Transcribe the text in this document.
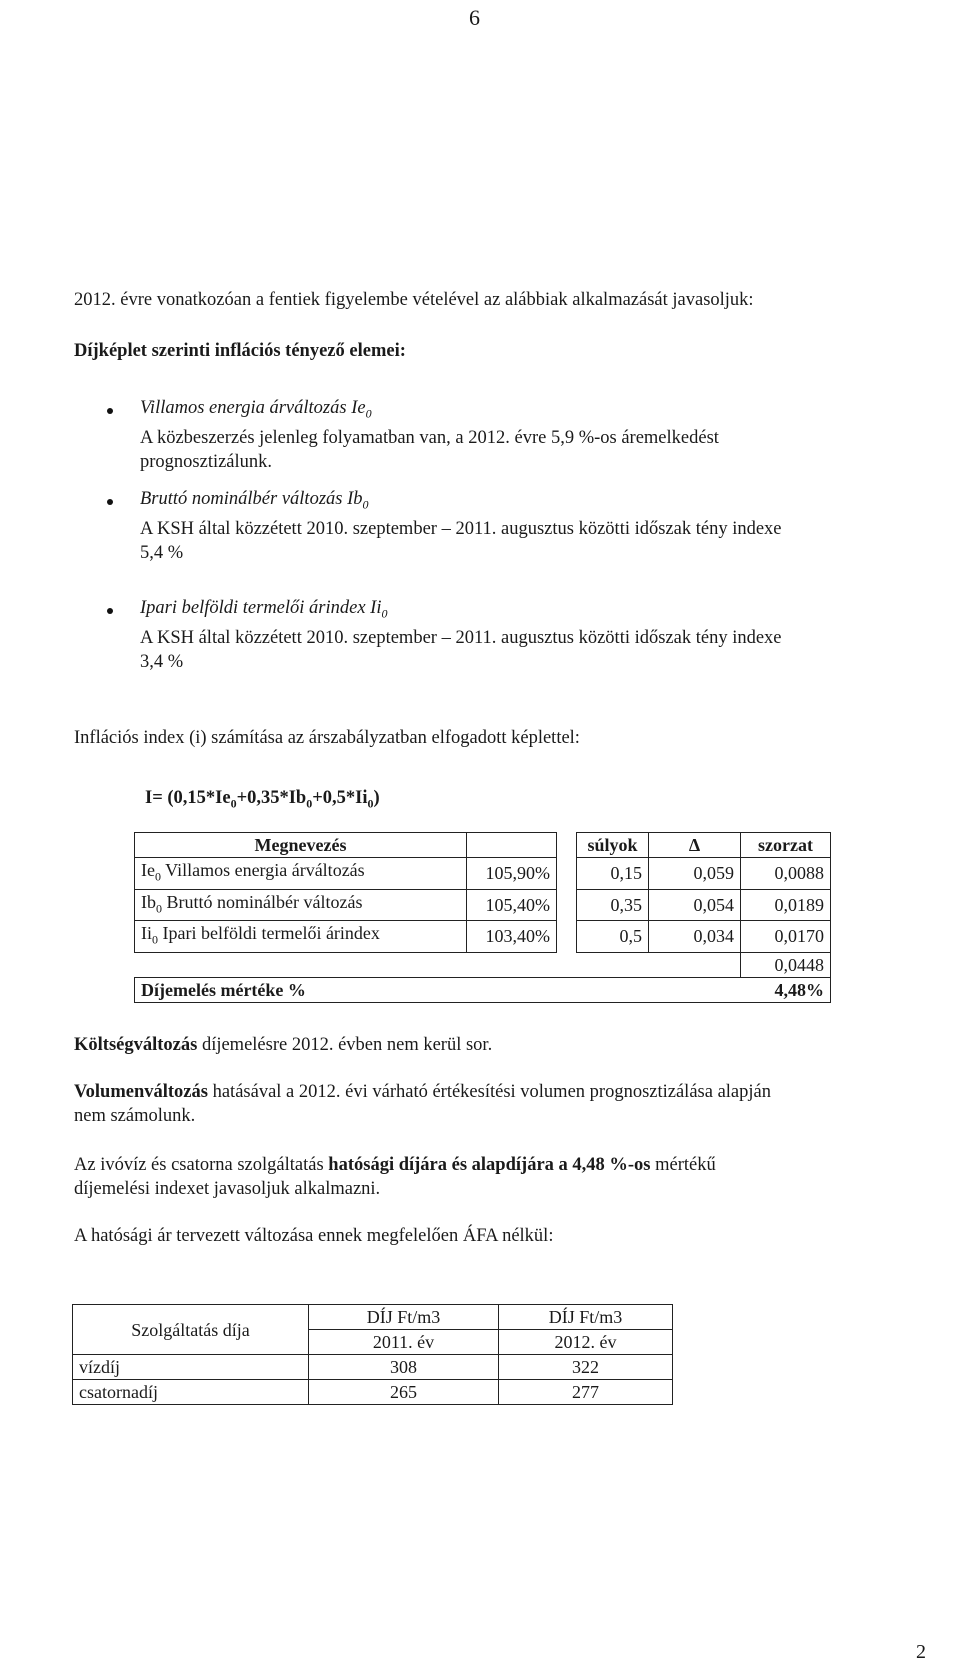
6
2012. évre vonatkozóan a fentiek figyelembe vételével az alábbiak alkalmazását javasoljuk:
Díjképlet szerinti inflációs tényező elemei:
Villamos energia árváltozás $Ie_0$
A közbeszerzés jelenleg folyamatban van, a 2012. évre 5,9 %-os áremelkedést
prognosztizálunk.
Bruttó nominálbér változás $Ib_0$
A KSH által közzétett 2010. szeptember – 2011. augusztus közötti időszak tény indexe
5,4 %
Ipari belföldi termelői árindex $Ii_0$
A KSH által közzétett 2010. szeptember – 2011. augusztus közötti időszak tény indexe
3,4 %
Inflációs index (i) számítása az árszabályzatban elfogadott képlettel:
$I= (0,15*Ie_0+0,35*Ib_0+0,5*Ii_0)$
Megnevezés			súlyok	Δ	szorzat
$Ie_0$ Villamos energia árváltozás	105,90%		0,15	0,059	0,0088
$Ib_0$ Bruttó nominálbér változás	105,40%		0,35	0,054	0,0189
$Ii_0$ Ipari belföldi termelői árindex	103,40%		0,5	0,034	0,0170
					0,0448
Díjemelés mértéke %					4,48%
Költségváltozás díjemelésre 2012. évben nem kerül sor.
Volumenváltozás hatásával a 2012. évi várható értékesítési volumen prognosztizálása alapján
nem számolunk.
Az ivóvíz és csatorna szolgáltatás hatósági díjára és alapdíjára a 4,48 %-os mértékű
díjemelési indexet javasoljuk alkalmazni.
A hatósági ár tervezett változása ennek megfelelően ÁFA nélkül:
Szolgáltatás díja	DÍJ Ft/m3	DÍJ Ft/m3
	2011. év	2012. év
vízdíj	308	322
csatornadíj	265	277
2
